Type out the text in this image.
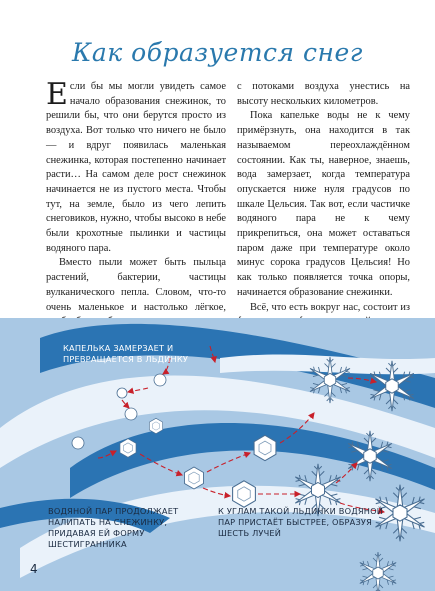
Как образуется снег

Если бы мы могли увидеть самое начало образования снежинок, то решили бы, что они берутся просто из воздуха. Вот только что ничего не было — и вдруг появилась маленькая снежинка, которая постепенно начинает расти… На самом деле рост снежинок начинается не из пустого места. Чтобы тут, на земле, было из чего лепить снеговиков, нужно, чтобы высоко в небе были крохотные пылинки и частицы водяного пара.

Вместо пыли может быть пыльца растений, бактерии, частицы вулканического пепла. Словом, что-то очень маленькое и настолько лёгкое,

с потоками воздуха унестись на высоту нескольких километров.

Пока капельке воды не к чему примёрзнуть, она находится в так называемом переохлаждённом состоянии. Как ты, наверное, знаешь, вода замерзает, когда температура опускается ниже нуля градусов по шкале Цельсия. Так вот, если частичке водяного пара не к чему прикрепиться, она может оставаться паром даже при температуре около минус сорока градусов Цельсия! Но как только появляется точка опоры, начинается образование снежинки.

Всё, что есть вокруг нас, состоит из

КАПЕЛЬКА ЗАМЕРЗАЕТ И ПРЕВРАЩАЕТСЯ В ЛЬДИНКУ
ВОДЯНОЙ ПАР ПРОДОЛЖАЕТ НАЛИПАТЬ НА СНЕЖИНКУ, ПРИДАВАЯ ЕЙ ФОРМУ ШЕСТИГРАННИКА
К УГЛАМ ТАКОЙ ЛЬДИНКИ ВОДЯНОЙ ПАР ПРИСТАЁТ БЫСТРЕЕ, ОБРАЗУЯ ШЕСТЬ ЛУЧЕЙ
4
